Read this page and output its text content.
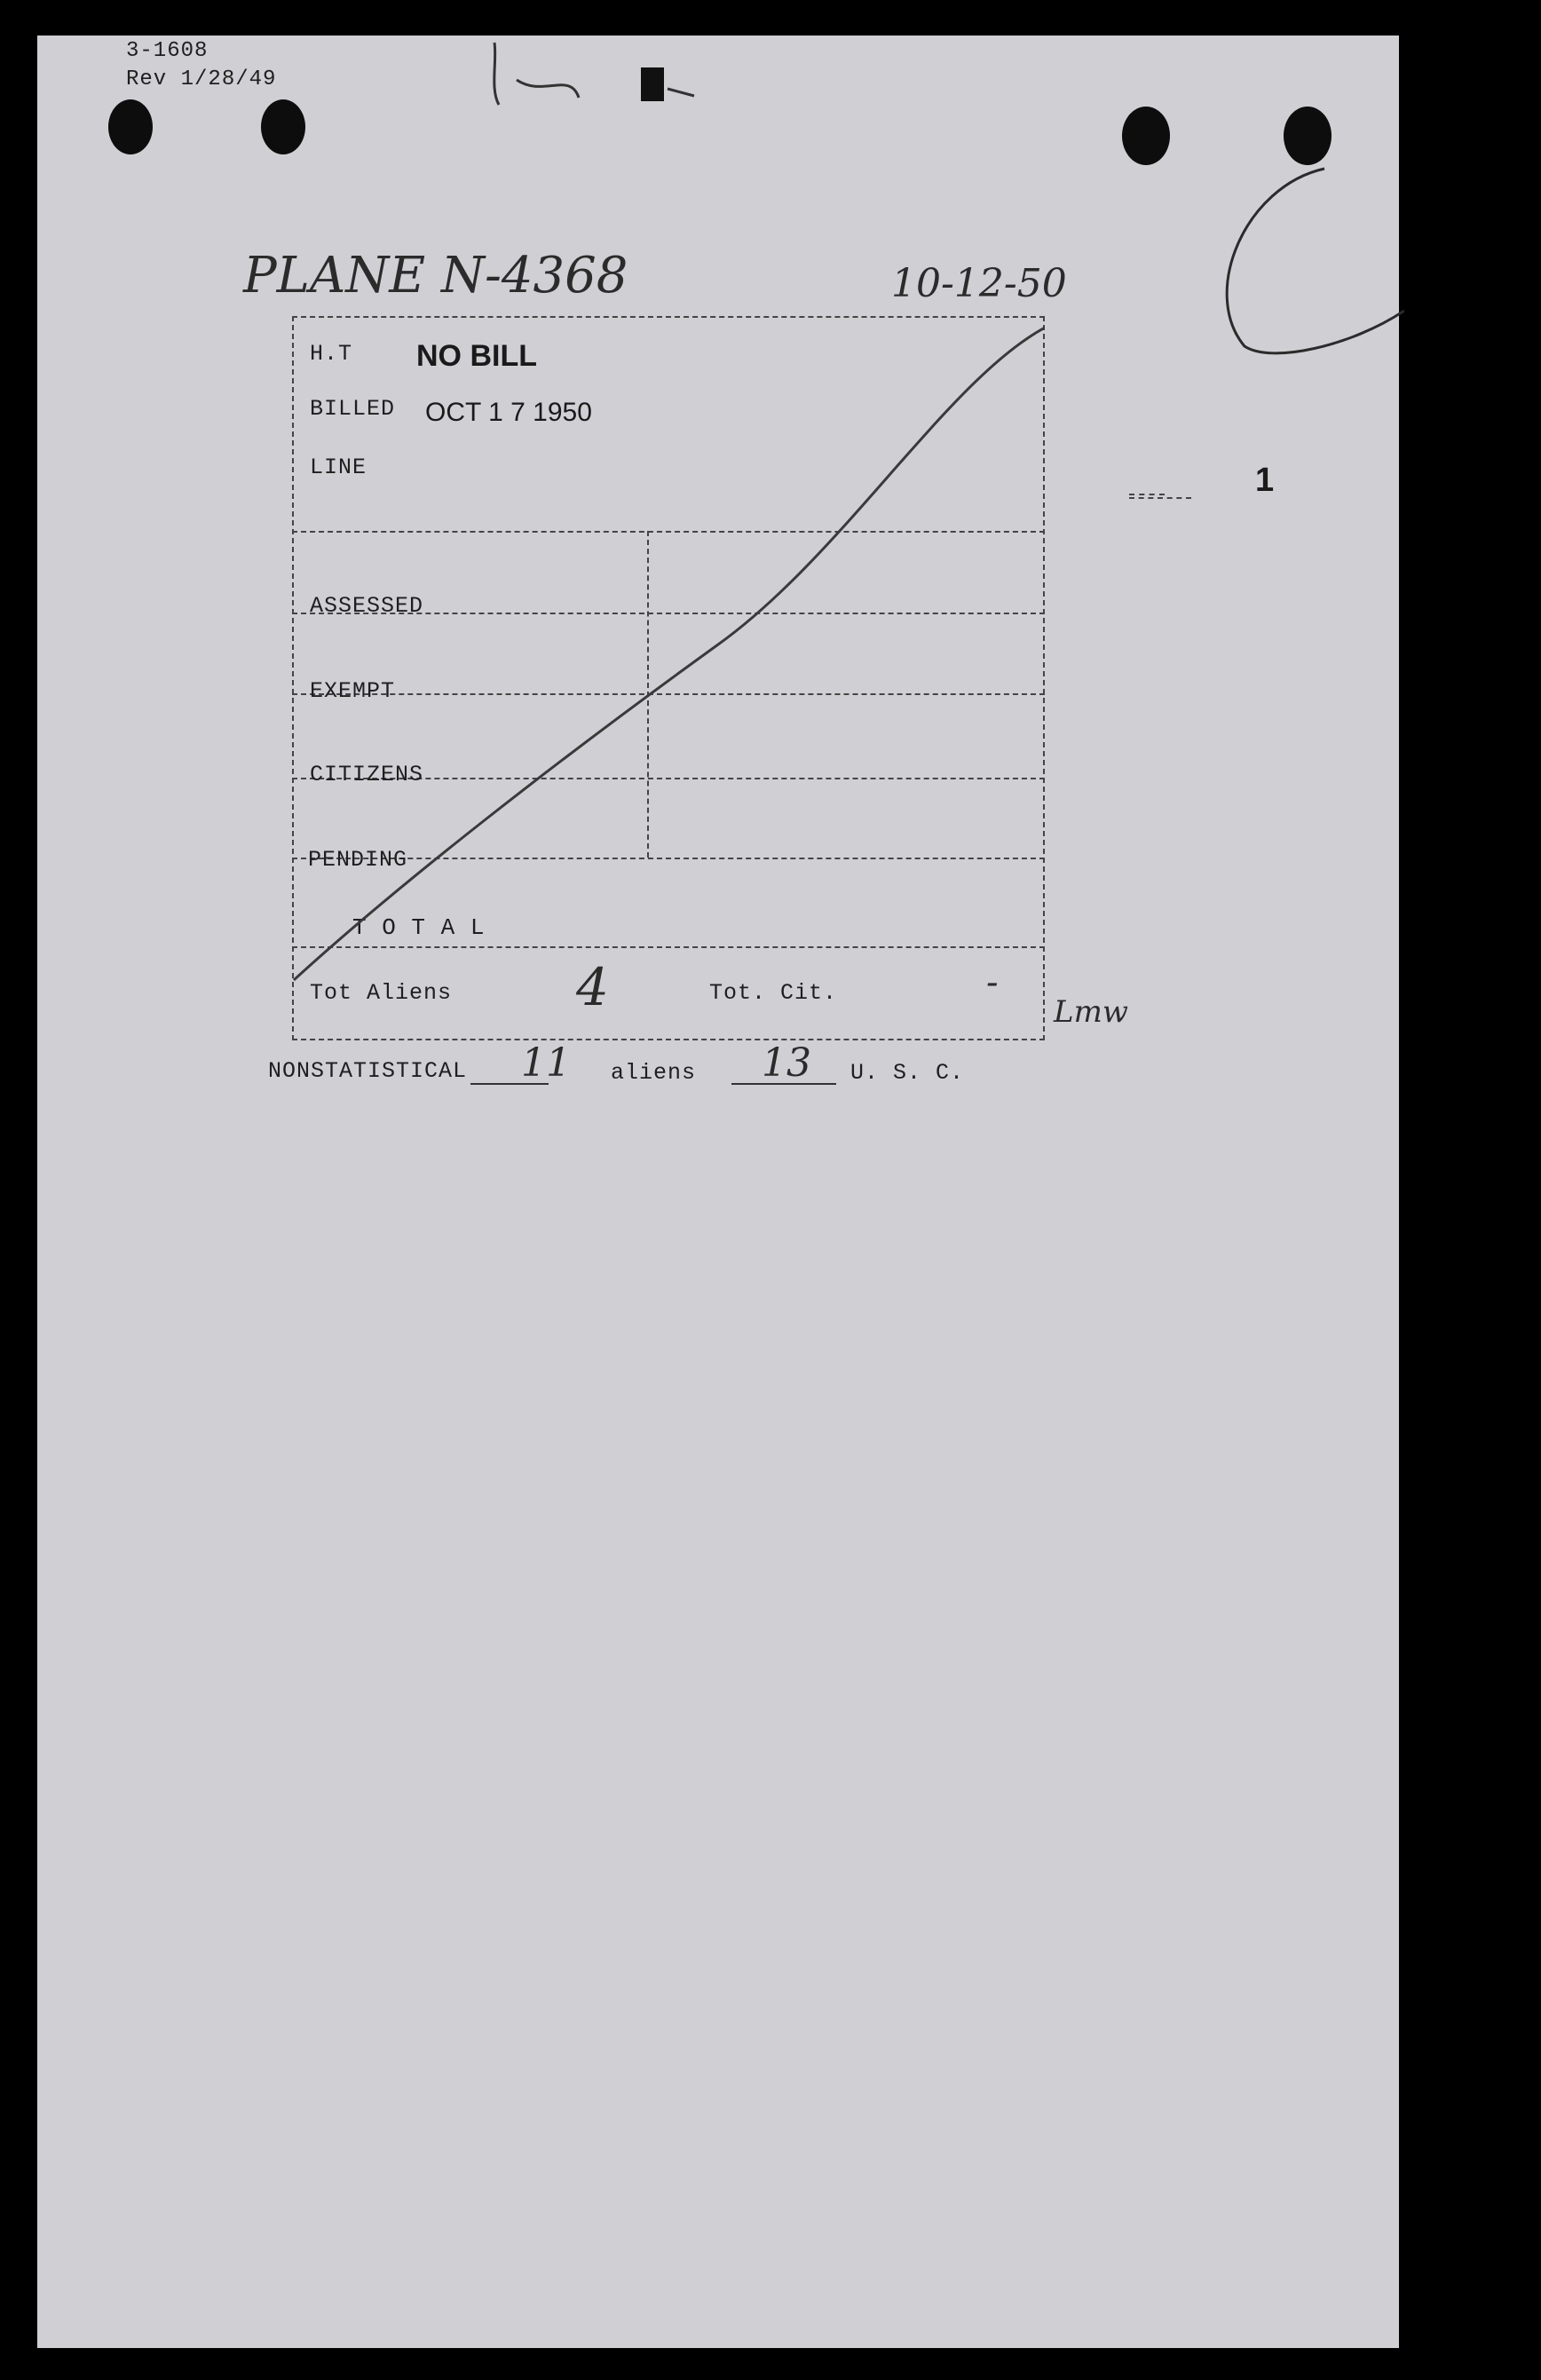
3-1608
Rev 1/28/49
PLANE N-4368	10-12-50
1
H.T NO BILL
BILLED OCT 1 7 1950
LINE
ASSESSED
EXEMPT
CITIZENS
PENDING
T O T A L
Tot Aliens 4	Tot. Cit.	-
Lmw
NONSTATISTICAL 11 aliens 13 U. S. C.
